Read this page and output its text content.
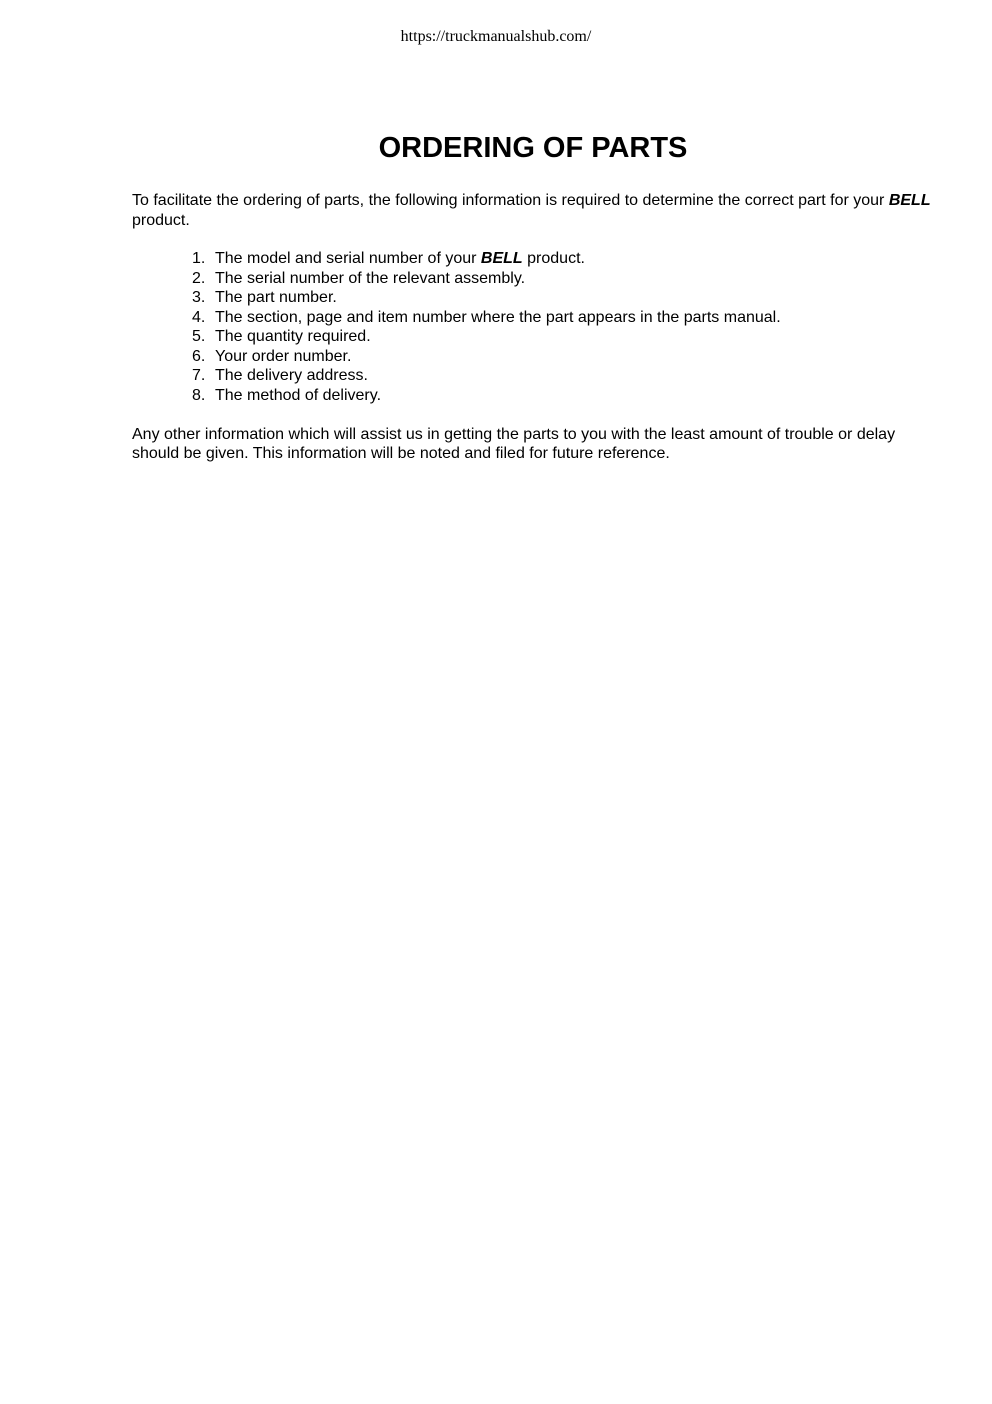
https://truckmanualshub.com/
ORDERING OF PARTS

To facilitate the ordering of parts, the following information is required to determine the correct part for your BELL product.

1. The model and serial number of your BELL product.
2. The serial number of the relevant assembly.
3. The part number.
4. The section, page and item number where the part appears in the parts manual.
5. The quantity required.
6. Your order number.
7. The delivery address.
8. The method of delivery.

Any other information which will assist us in getting the parts to you with the least amount of trouble or delay should be given. This information will be noted and filed for future reference.
